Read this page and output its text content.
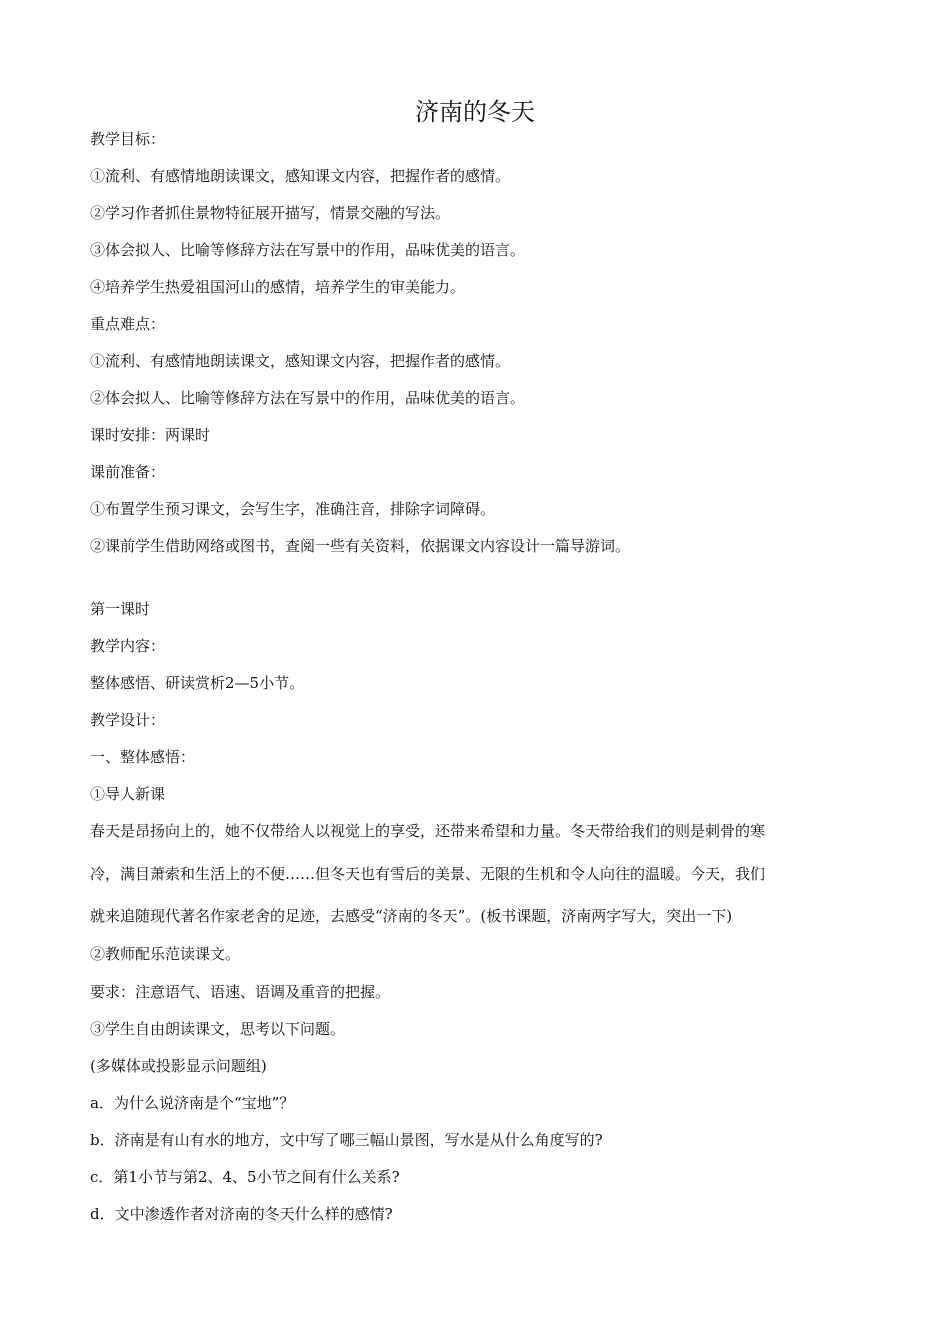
济南的冬天
教学目标：
①流利、有感情地朗读课文，感知课文内容，把握作者的感情。
②学习作者抓住景物特征展开描写，情景交融的写法。
③体会拟人、比喻等修辞方法在写景中的作用，品味优美的语言。
④培养学生热爱祖国河山的感情，培养学生的审美能力。
重点难点：
①流利、有感情地朗读课文，感知课文内容，把握作者的感情。
②体会拟人、比喻等修辞方法在写景中的作用，品味优美的语言。
课时安排：两课时
课前准备：
①布置学生预习课文，会写生字，准确注音，排除字词障碍。
②课前学生借助网络或图书，查阅一些有关资料，依据课文内容设计一篇导游词。
第一课时
教学内容：
整体感悟、研读赏析2—5小节。
教学设计：
一、整体感悟：
①导人新课
春天是昂扬向上的，她不仅带给人以视觉上的享受，还带来希望和力量。冬天带给我们的则是刺骨的寒
冷，满目萧索和生活上的不便……但冬天也有雪后的美景、无限的生机和令人向往的温暖。今天，我们
就来追随现代著名作家老舍的足迹，去感受“济南的冬天”。(板书课题，济南两字写大，突出一下)
②教师配乐范读课文。
要求：注意语气、语速、语调及重音的把握。
③学生自由朗读课文，思考以下问题。
(多媒体或投影显示问题组)
a．为什么说济南是个“宝地”？
b．济南是有山有水的地方，文中写了哪三幅山景图，写水是从什么角度写的?
c．第1小节与第2、4、5小节之间有什么关系?
d．文中渗透作者对济南的冬天什么样的感情?
